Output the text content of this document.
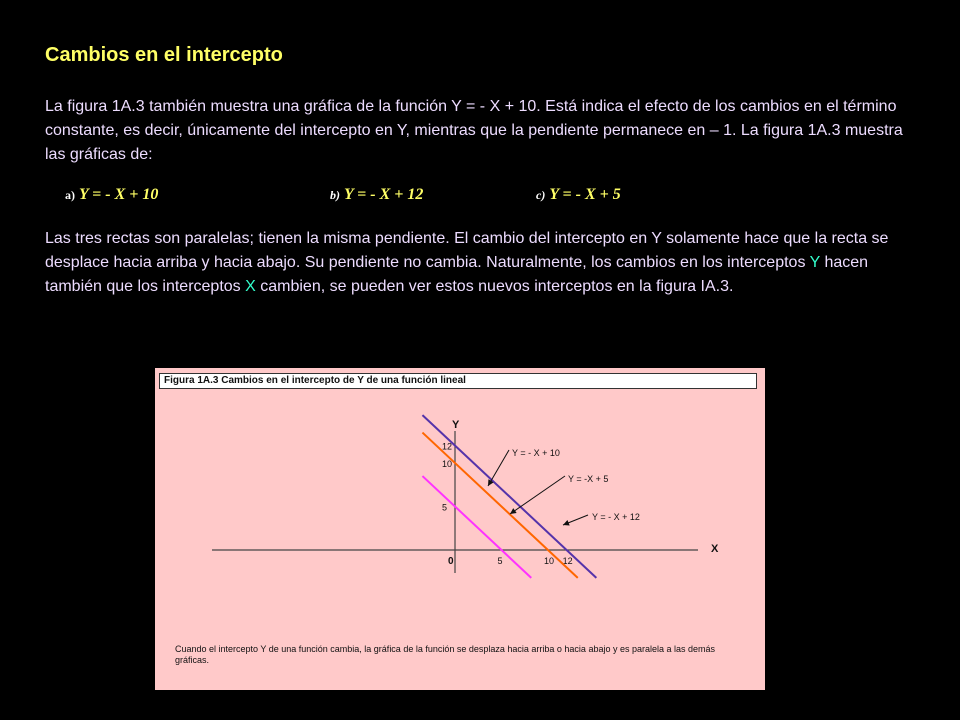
Cambios en el intercepto
La figura 1A.3 también muestra una gráfica de la función Y = - X + 10. Está indica el efecto de los cambios en el término constante, es decir, únicamente del intercepto en Y, mientras que la pendiente permanece en – 1. La figura 1A.3 muestra las gráficas de:
a) Y = - X + 10	b) Y = - X + 12	c) Y = - X + 5
Las tres rectas son paralelas; tienen la misma pendiente. El cambio del intercepto en Y solamente hace que la recta se desplace hacia arriba y hacia abajo. Su pendiente no cambia. Naturalmente, los cambios en los interceptos Y hacen también que los interceptos X cambien, se pueden ver estos nuevos interceptos en la figura IA.3.
X
Y
0	5	10 12
5
10
12
Y = - X + 10
Y = -X + 5
Y = - X + 12
Figura 1A.3 Cambios en el intercepto de Y de una función lineal
Cuando el intercepto Y de una función cambia, la gráfica de la función se desplaza hacia arriba o hacia abajo y es paralela a las demás gráficas.
